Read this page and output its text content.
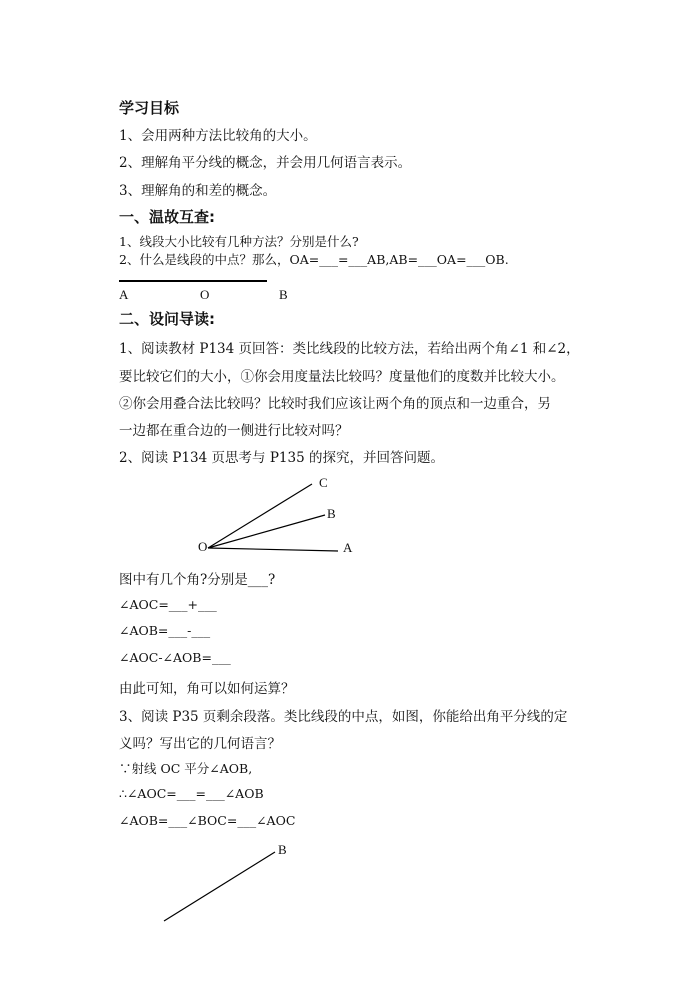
学习目标
1、会用两种方法比较角的大小。
2、理解角平分线的概念，并会用几何语言表示。
3、理解角的和差的概念。
一、温故互查:
1、线段大小比较有几种方法？分别是什么?
2、什么是线段的中点？那么，OA=___=___AB,AB=___OA=___OB.
A	O	B
二、设问导读:
1、阅读教材 P134 页回答：类比线段的比较方法，若给出两个角∠1 和∠2，
要比较它们的大小，①你会用度量法比较吗？度量他们的度数并比较大小。
②你会用叠合法比较吗？比较时我们应该让两个角的顶点和一边重合，另
一边都在重合边的一侧进行比较对吗？
2、阅读 P134 页思考与 P135 的探究，并回答问题。
O	A
B
C
图中有几个角?分别是___?
∠AOC=___+___
∠AOB=___-___
∠AOC-∠AOB=___
由此可知，角可以如何运算？
3、阅读 P35 页剩余段落。类比线段的中点，如图，你能给出角平分线的定
义吗？写出它的几何语言？
∵射线 OC 平分∠AOB,
∴∠AOC=___=___∠AOB
∠AOB=___∠BOC=___∠AOC
B
